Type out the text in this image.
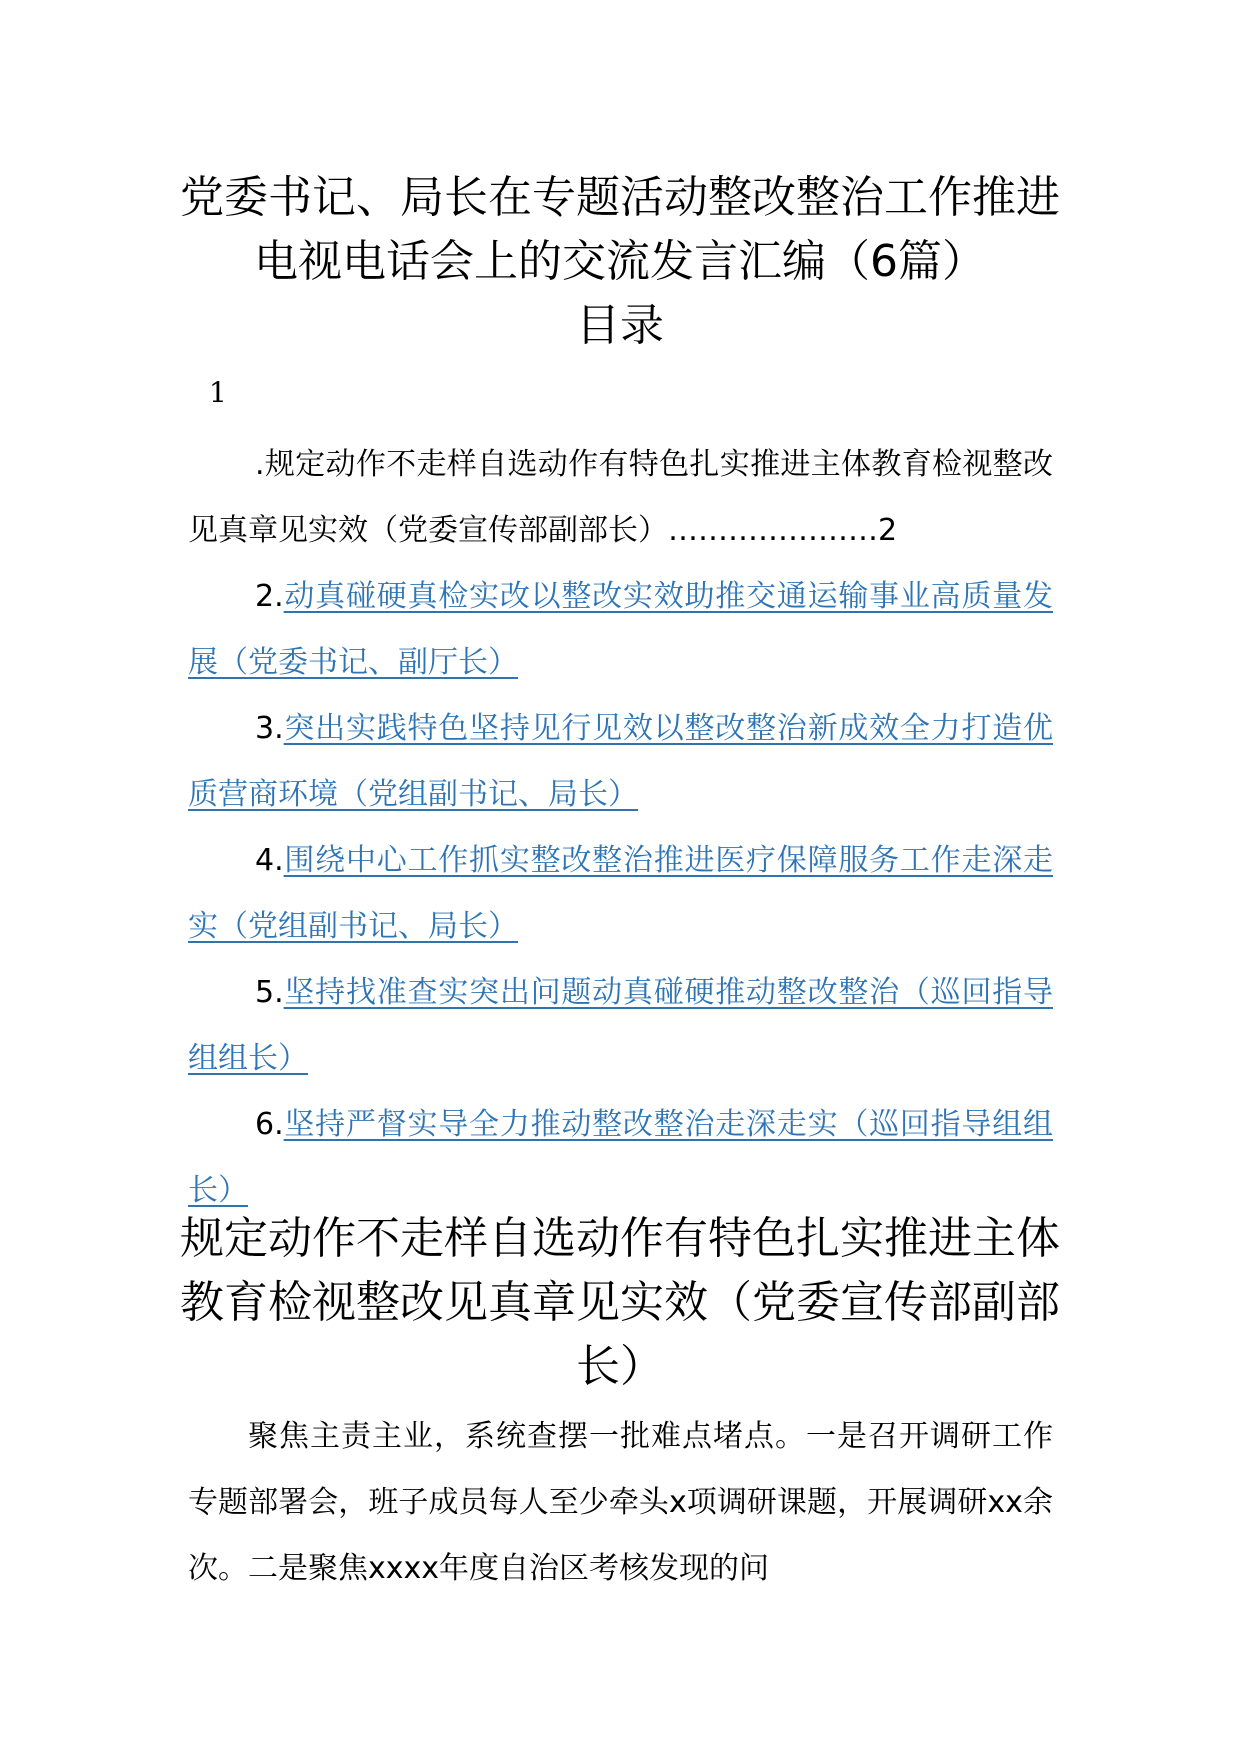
党委书记、局长在专题活动整改整治工作推进电视电话会上的交流发言汇编（6篇）
目录
1

.规定动作不走样自选动作有特色扎实推进主体教育检视整改见真章见实效（党委宣传部副部长）…………………2

2.动真碰硬真检实改以整改实效助推交通运输事业高质量发展（党委书记、副厅长）

3.突出实践特色坚持见行见效以整改整治新成效全力打造优质营商环境（党组副书记、局长）

4.围绕中心工作抓实整改整治推进医疗保障服务工作走深走实（党组副书记、局长）

5.坚持找准查实突出问题动真碰硬推动整改整治（巡回指导组组长）

6.坚持严督实导全力推动整改整治走深走实（巡回指导组组长）

规定动作不走样自选动作有特色扎实推进主体教育检视整改见真章见实效（党委宣传部副部长）

聚焦主责主业，系统查摆一批难点堵点。一是召开调研工作专题部署会，班子成员每人至少牵头x项调研课题，开展调研xx余次。二是聚焦xxxx年度自治区考核发现的问
